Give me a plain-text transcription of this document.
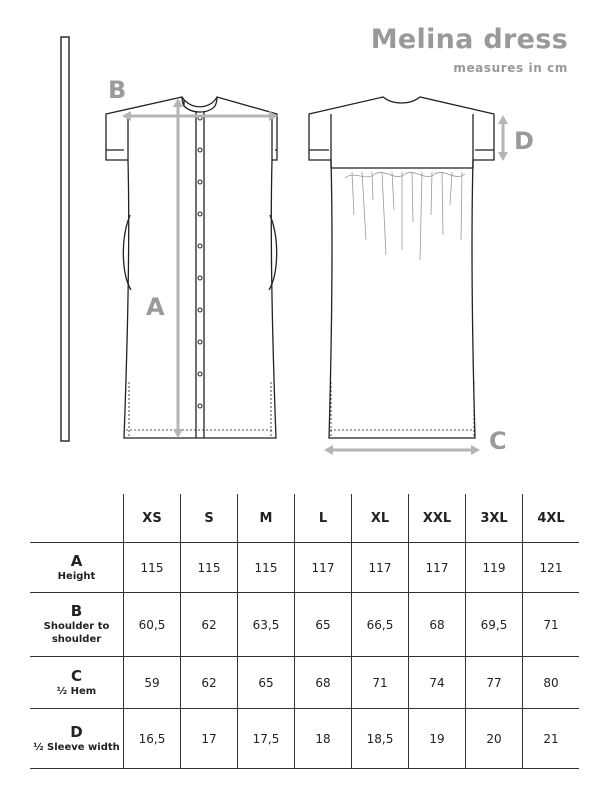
Melina dress
measures in cm
B
A
D
C
	XS	S	M	L	XL	XXL	3XL	4XL

A
Height	115	115	115	117	117	117	119	121

B
Shoulder to shoulder	60,5	62	63,5	65	66,5	68	69,5	71

C
½ Hem	59	62	65	68	71	74	77	80

D
½ Sleeve width	16,5	17	17,5	18	18,5	19	20	21
